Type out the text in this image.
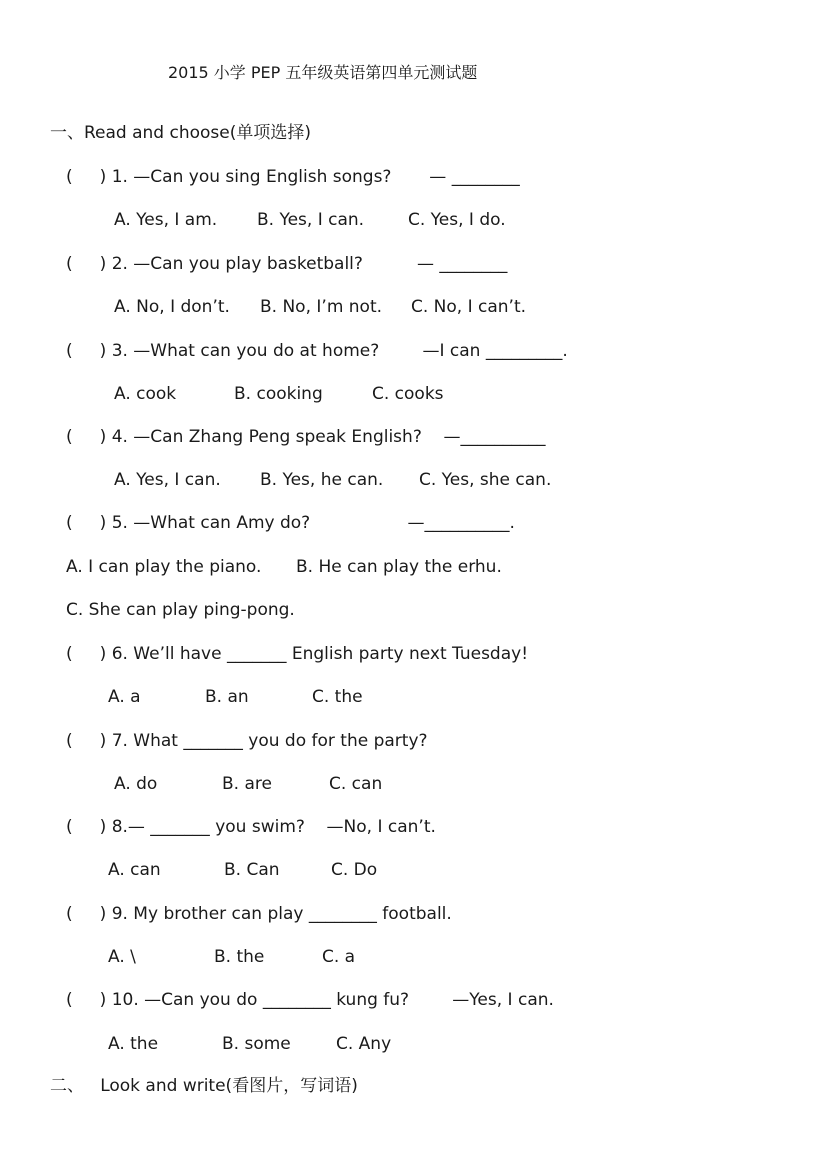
2015 小学 PEP 五年级英语第四单元测试题
一、Read and choose(单项选择)
(     ) 1. —Can you sing English songs?       — ________
A. Yes, I am. B. Yes, I can.	C. Yes, I do.
(     ) 2. —Can you play basketball?          — ________
A. No, I don’t. B. No, I’m not. C. No, I can’t.
(     ) 3. —What can you do at home?        —I can _________.
A. cook	B. cooking	C. cooks
(     ) 4. —Can Zhang Peng speak English?    —__________
A. Yes, I can. B. Yes, he can. C. Yes, she can.
(     ) 5. —What can Amy do?                  —__________.
A. I can play the piano. B. He can play the erhu.
C. She can play ping-pong.
(     ) 6. We’ll have _______ English party next Tuesday!
A. a	B. an	C. the
(     ) 7. What _______ you do for the party?
A. do	B. are	C. can
(     ) 8.— _______ you swim?    —No, I can’t.
A. can	B. Can	C. Do
(     ) 9. My brother can play ________ football.
A. \	B. the	C. a
(     ) 10. —Can you do ________ kung fu?        —Yes, I can.
A. the	B. some	C. Any
二、   Look and write(看图片，写词语)
